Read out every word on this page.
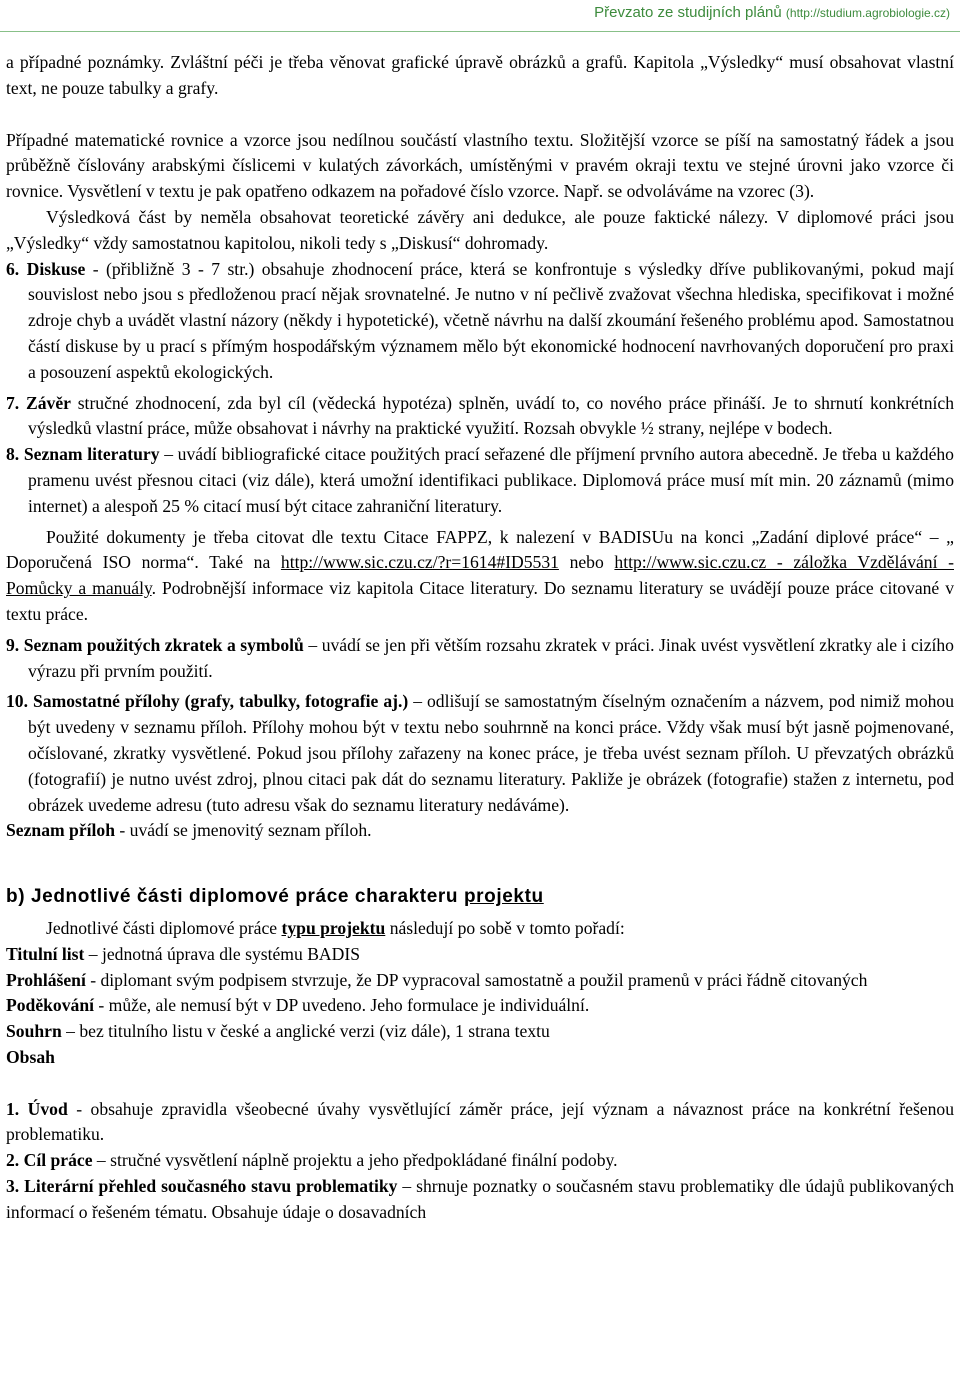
Převzato ze studijních plánů (http://studium.agrobiologie.cz)

a případné poznámky. Zvláštní péči je třeba věnovat grafické úpravě obrázků a grafů. Kapitola „Výsledky“ musí obsahovat vlastní text, ne pouze tabulky a grafy.

Případné matematické rovnice a vzorce jsou nedílnou součástí vlastního textu. Složitější vzorce se píší na samostatný řádek a jsou průběžně číslovány arabskými číslicemi v kulatých závorkách, umístěnými v pravém okraji textu ve stejné úrovni jako vzorce či rovnice. Vysvětlení v textu je pak opatřeno odkazem na pořadové číslo vzorce. Např. se odvoláváme na vzorec (3).

Výsledková část by neměla obsahovat teoretické závěry ani dedukce, ale pouze faktické nálezy. V diplomové práci jsou „Výsledky“ vždy samostatnou kapitolou, nikoli tedy s „Diskusí“ dohromady.

6. Diskuse - (přibližně 3 - 7 str.) obsahuje zhodnocení práce, která se konfrontuje s výsledky dříve publikovanými, pokud mají souvislost nebo jsou s předloženou prací nějak srovnatelné. Je nutno v ní pečlivě zvažovat všechna hlediska, specifikovat i možné zdroje chyb a uvádět vlastní názory (někdy i hypotetické), včetně návrhu na další zkoumání řešeného problému apod. Samostatnou částí diskuse by u prací s přímým hospodářským významem mělo být ekonomické hodnocení navrhovaných doporučení pro praxi a posouzení aspektů ekologických.

7. Závěr stručné zhodnocení, zda byl cíl (vědecká hypotéza) splněn, uvádí to, co nového práce přináší. Je to shrnutí konkrétních výsledků vlastní práce, může obsahovat i návrhy na praktické využití. Rozsah obvykle ½ strany, nejlépe v bodech.

8. Seznam literatury – uvádí bibliografické citace použitých prací seřazené dle příjmení prvního autora abecedně. Je třeba u každého pramenu uvést přesnou citaci (viz dále), která umožní identifikaci publikace. Diplomová práce musí mít min. 20 záznamů (mimo internet) a alespoň 25 % citací musí být citace zahraniční literatury.

Použité dokumenty je třeba citovat dle textu Citace FAPPZ, k nalezení v BADISUu na konci „Zadání diplové práce“ – „ Doporučená ISO norma“. Také na http://www.sic.czu.cz/?r=1614#ID5531 nebo http://www.sic.czu.cz - záložka Vzdělávání - Pomůcky a manuály. Podrobnější informace viz kapitola Citace literatury. Do seznamu literatury se uvádějí pouze práce citované v textu práce.

9. Seznam použitých zkratek a symbolů – uvádí se jen při větším rozsahu zkratek v práci. Jinak uvést vysvětlení zkratky ale i cizího výrazu při prvním použití.

10. Samostatné přílohy (grafy, tabulky, fotografie aj.) – odlišují se samostatným číselným označením a názvem, pod nimiž mohou být uvedeny v seznamu příloh. Přílohy mohou být v textu nebo souhrnně na konci práce. Vždy však musí být jasně pojmenované, očíslované, zkratky vysvětlené. Pokud jsou přílohy zařazeny na konec práce, je třeba uvést seznam příloh. U převzatých obrázků (fotografií) je nutno uvést zdroj, plnou citaci pak dát do seznamu literatury. Pakliže je obrázek (fotografie) stažen z internetu, pod obrázek uvedeme adresu (tuto adresu však do seznamu literatury nedáváme).

Seznam příloh - uvádí se jmenovitý seznam příloh.

b) Jednotlivé části diplomové práce charakteru projektu

Jednotlivé části diplomové práce typu projektu následují po sobě v tomto pořadí:

Titulní list – jednotná úprava dle systému BADIS

Prohlášení - diplomant svým podpisem stvrzuje, že DP vypracoval samostatně a použil pramenů v práci řádně citovaných

Poděkování - může, ale nemusí být v DP uvedeno. Jeho formulace je individuální.

Souhrn – bez titulního listu v české a anglické verzi (viz dále), 1 strana textu

Obsah

1. Úvod - obsahuje zpravidla všeobecné úvahy vysvětlující záměr práce, její význam a návaznost práce na konkrétní řešenou problematiku.

2. Cíl práce – stručné vysvětlení náplně projektu a jeho předpokládané finální podoby.

3. Literární přehled současného stavu problematiky – shrnuje poznatky o současném stavu problematiky dle údajů publikovaných informací o řešeném tématu. Obsahuje údaje o dosavadních
